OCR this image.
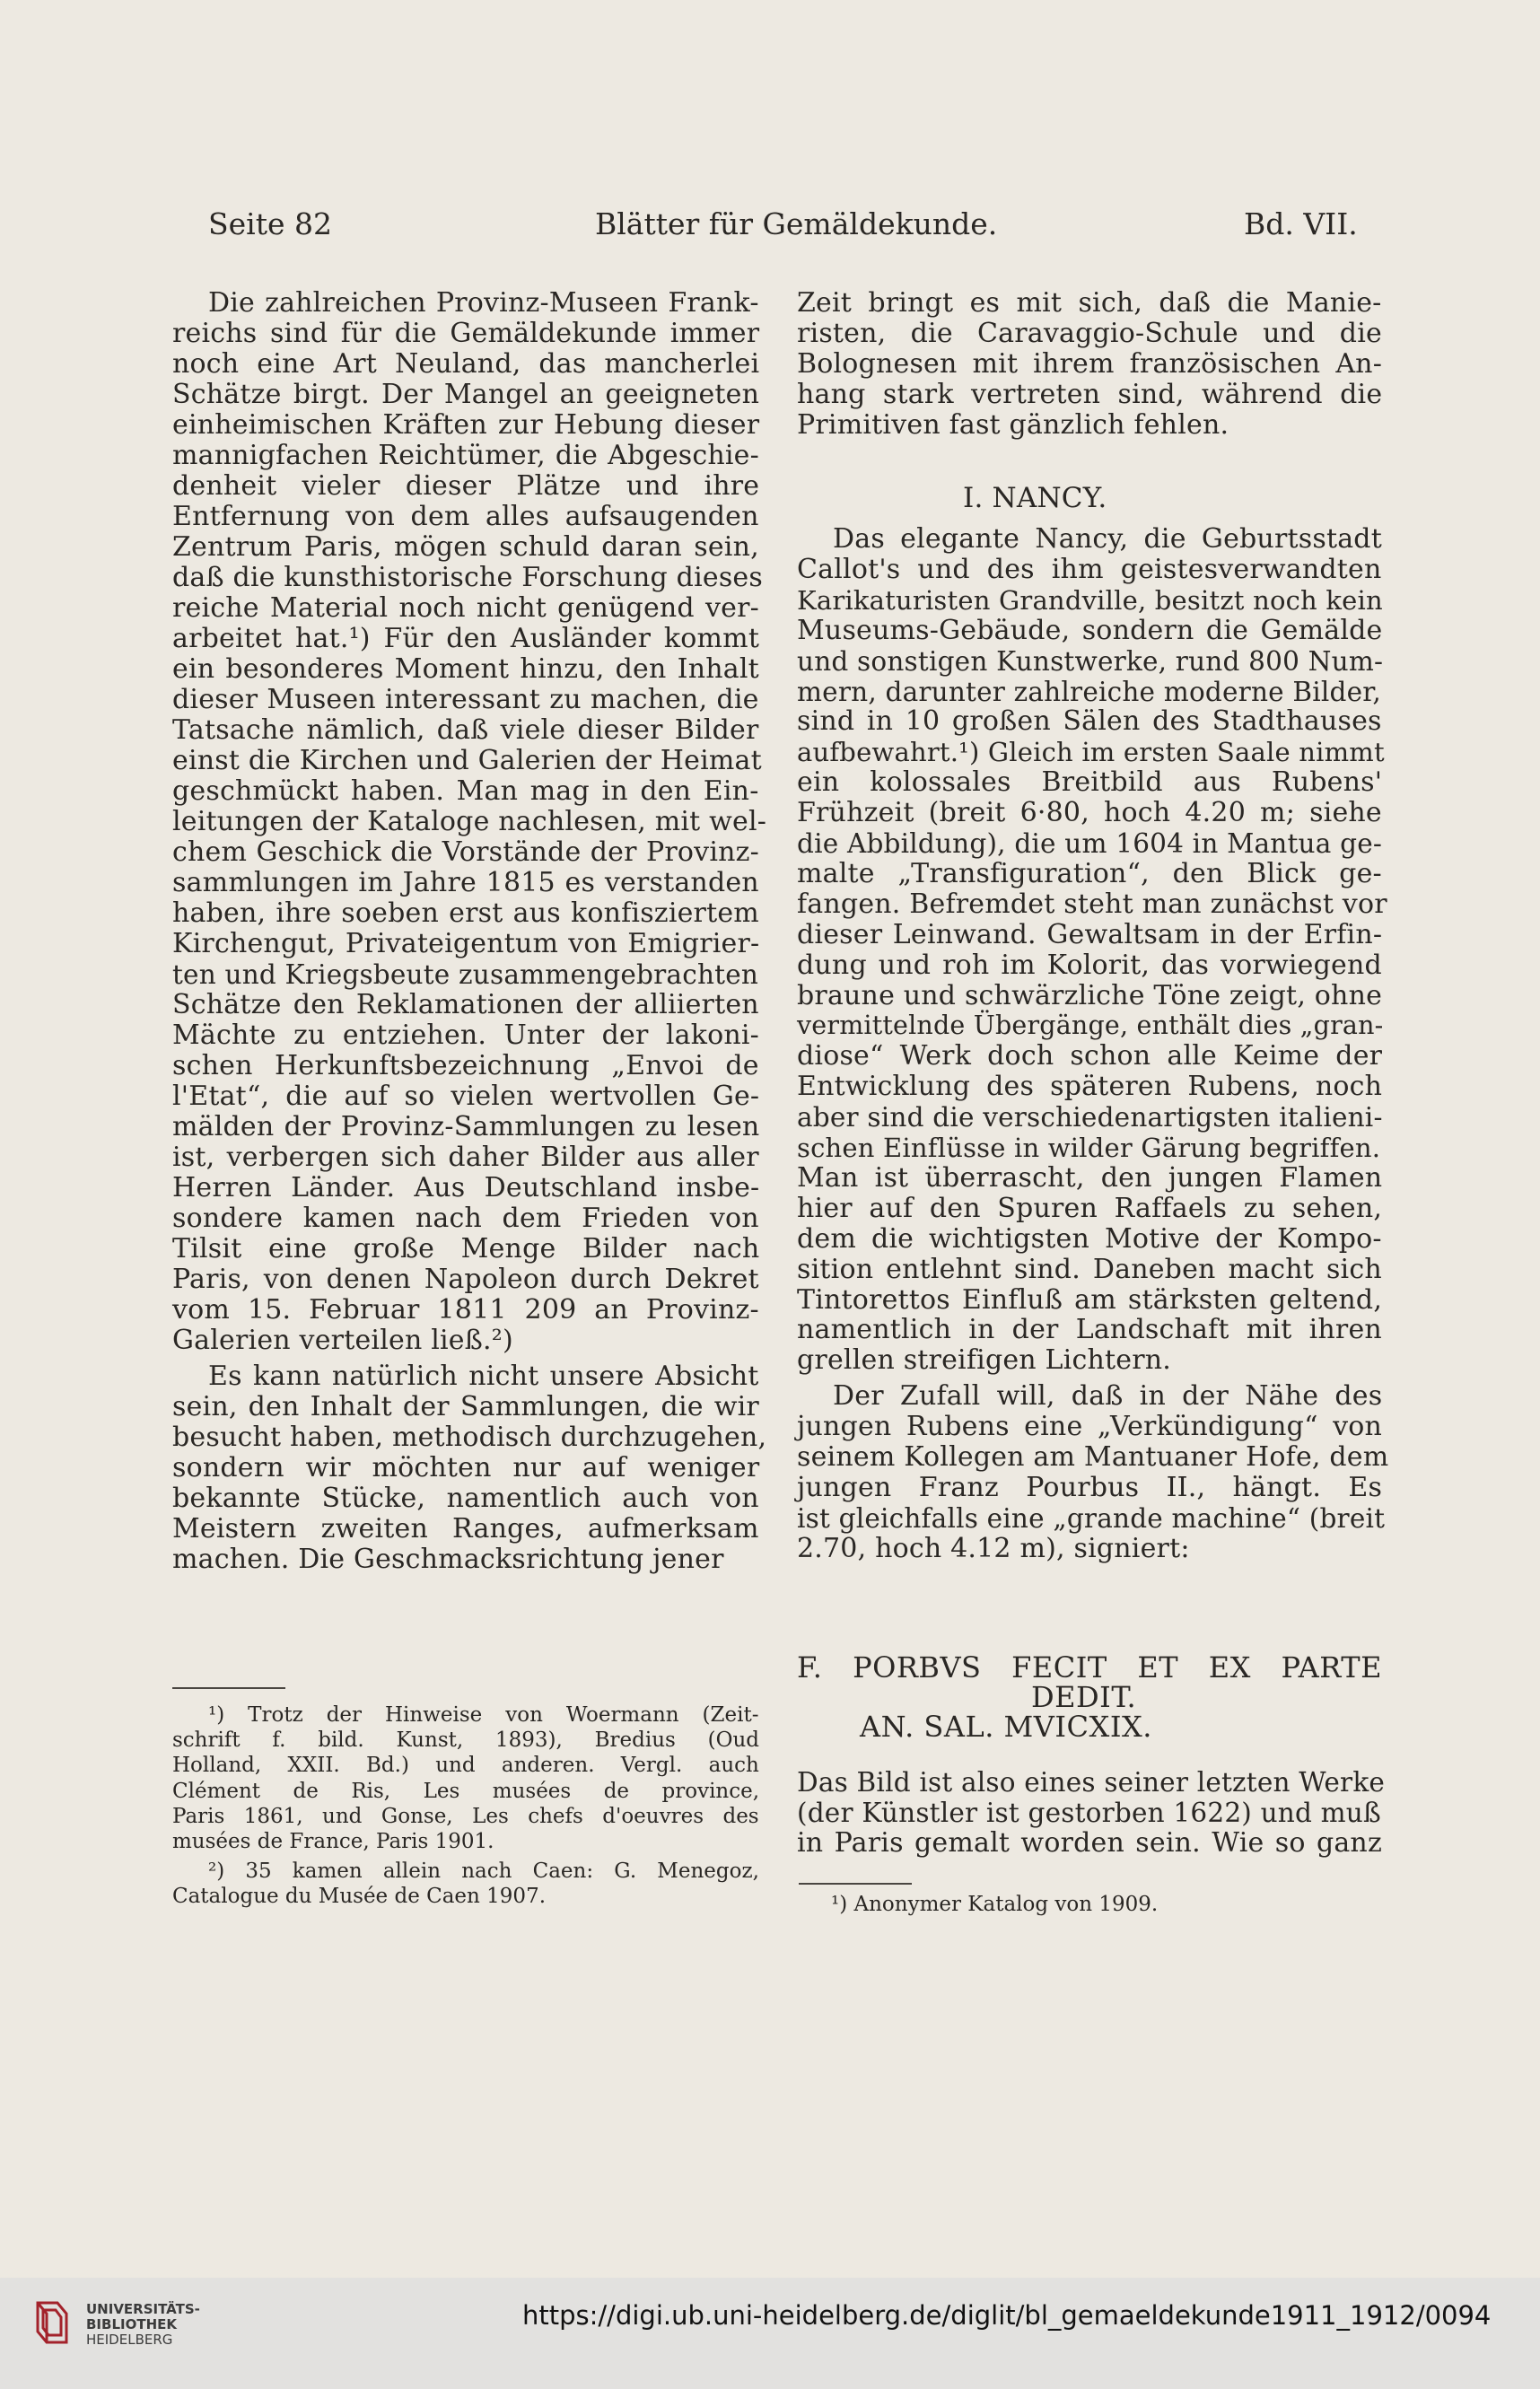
Seite 82	Blätter für Gemäldekunde.	Bd. VII.
Die zahlreichen Provinz-Museen Frank-
reichs sind für die Gemäldekunde immer
noch eine Art Neuland, das mancherlei
Schätze birgt. Der Mangel an geeigneten
einheimischen Kräften zur Hebung dieser
mannigfachen Reichtümer, die Abgeschie-
denheit vieler dieser Plätze und ihre
Entfernung von dem alles aufsaugenden
Zentrum Paris, mögen schuld daran sein,
daß die kunsthistorische Forschung dieses
reiche Material noch nicht genügend ver-
arbeitet hat.¹) Für den Ausländer kommt
ein besonderes Moment hinzu, den Inhalt
dieser Museen interessant zu machen, die
Tatsache nämlich, daß viele dieser Bilder
einst die Kirchen und Galerien der Heimat
geschmückt haben. Man mag in den Ein-
leitungen der Kataloge nachlesen, mit wel-
chem Geschick die Vorstände der Provinz-
sammlungen im Jahre 1815 es verstanden
haben, ihre soeben erst aus konfisziertem
Kirchengut, Privateigentum von Emigrier-
ten und Kriegsbeute zusammengebrachten
Schätze den Reklamationen der alliierten
Mächte zu entziehen. Unter der lakoni-
schen Herkunftsbezeichnung „Envoi de
l'Etat“, die auf so vielen wertvollen Ge-
mälden der Provinz-Sammlungen zu lesen
ist, verbergen sich daher Bilder aus aller
Herren Länder. Aus Deutschland insbe-
sondere kamen nach dem Frieden von
Tilsit eine große Menge Bilder nach
Paris, von denen Napoleon durch Dekret
vom 15. Februar 1811 209 an Provinz-
Galerien verteilen ließ.²)
Es kann natürlich nicht unsere Absicht
sein, den Inhalt der Sammlungen, die wir
besucht haben, methodisch durchzugehen,
sondern wir möchten nur auf weniger
bekannte Stücke, namentlich auch von
Meistern zweiten Ranges, aufmerksam
machen. Die Geschmacksrichtung jener
¹) Trotz der Hinweise von Woermann (Zeit-
schrift f. bild. Kunst, 1893), Bredius (Oud
Holland, XXII. Bd.) und anderen. Vergl. auch
Clément de Ris, Les musées de province,
Paris 1861, und Gonse, Les chefs d'oeuvres des
musées de France, Paris 1901.
²) 35 kamen allein nach Caen: G. Menegoz,
Catalogue du Musée de Caen 1907.
Zeit bringt es mit sich, daß die Manie-
risten, die Caravaggio-Schule und die
Bolognesen mit ihrem französischen An-
hang stark vertreten sind, während die
Primitiven fast gänzlich fehlen.
I. NANCY.
Das elegante Nancy, die Geburtsstadt
Callot's und des ihm geistesverwandten
Karikaturisten Grandville, besitzt noch kein
Museums-Gebäude, sondern die Gemälde
und sonstigen Kunstwerke, rund 800 Num-
mern, darunter zahlreiche moderne Bilder,
sind in 10 großen Sälen des Stadthauses
aufbewahrt.¹) Gleich im ersten Saale nimmt
ein kolossales Breitbild aus Rubens'
Frühzeit (breit 6·80, hoch 4.20 m; siehe
die Abbildung), die um 1604 in Mantua ge-
malte „Transfiguration“, den Blick ge-
fangen. Befremdet steht man zunächst vor
dieser Leinwand. Gewaltsam in der Erfin-
dung und roh im Kolorit, das vorwiegend
braune und schwärzliche Töne zeigt, ohne
vermittelnde Übergänge, enthält dies „gran-
diose“ Werk doch schon alle Keime der
Entwicklung des späteren Rubens, noch
aber sind die verschiedenartigsten italieni-
schen Einflüsse in wilder Gärung begriffen.
Man ist überrascht, den jungen Flamen
hier auf den Spuren Raffaels zu sehen,
dem die wichtigsten Motive der Kompo-
sition entlehnt sind. Daneben macht sich
Tintorettos Einfluß am stärksten geltend,
namentlich in der Landschaft mit ihren
grellen streifigen Lichtern.
Der Zufall will, daß in der Nähe des
jungen Rubens eine „Verkündigung“ von
seinem Kollegen am Mantuaner Hofe, dem
jungen Franz Pourbus II., hängt. Es
ist gleichfalls eine „grande machine“ (breit
2.70, hoch 4.12 m), signiert:
F. PORBVS FECIT ET EX PARTE
DEDIT.
AN. SAL. MVICXIX.
Das Bild ist also eines seiner letzten Werke
(der Künstler ist gestorben 1622) und muß
in Paris gemalt worden sein. Wie so ganz
¹) Anonymer Katalog von 1909.
UNIVERSITÄTS-
BIBLIOTHEK
HEIDELBERG
https://digi.ub.uni-heidelberg.de/diglit/bl_gemaeldekunde1911_1912/0094
